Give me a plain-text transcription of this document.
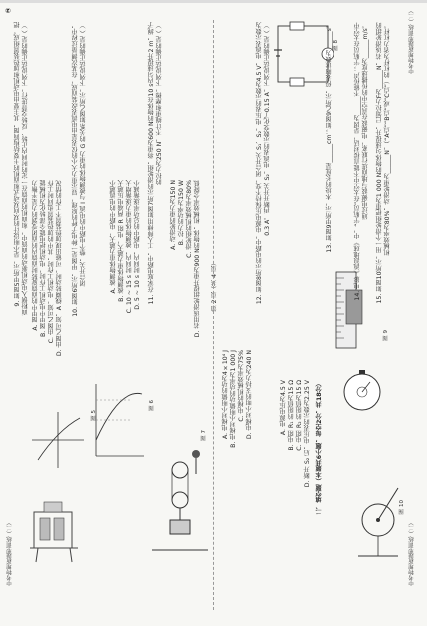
②
中考物理新题型训练（二）	中考物理新题型训练（二）
中考物理新题型训练（二）
第 2 页（共 4 页）
9. 如图5甲所示，是小明设计的双向双动式和面机的主要结构简图，其主要由电动机和加热装置组成。把 面粉倒入电动机驱动的面筒中，和面机的面筒在一定的时间内正转、反转交替进行，下列说法正确的是（ ）
图 5
A. 图甲中的面筒旋转时面筒内的面团受到的力是平衡力 B. 图甲中电动机工作时，电动机把电能全部转化为机械能 C. 由图乙可知，电动机工作时，其中的加热装置也同时工作 D. 由图乙可知，A 线圈转动时，可能出现加热装置不工作的情况 10. 如图6所示，甲图是一种电子秤的原理，显示重力大小的仪表是由电流表改装而成，在某次测量过程中， 闭合开关，整个电路中的电流 I 与被测物体的重力 G 的关系如图乙所示，下列说法正确的是（ ）
图 6
A. 被测物体重力越大，电路中的电流越小 B. 被测物体重力越大，电阻 R 两端电压越大 C. 10 ~ 15 s 时间内，被测物体的重力逐渐增大 D. 5 ~ 10 s 时间内，电路中的总功率逐渐减小 11. 在家庭电路中，工人师傅用如图7所示的滑轮组，将重为600 N的物体在10 s内匀速提升2 m，绳子 的拉力为250 N，不计绳重和摩擦，下列说法正确的是（ ）
图 7
A. 动滑轮的重力为150 N B. 拉力的功率为150 W C. 滑轮组的机械效率为80% D. 若用该滑轮组提升重为900 N的物体，机械效率会降低
A. 电梯对小明做的功为4×10⁴ J B. 电梯对小明做功的功率为1 000 J C. 电梯的机械效率为75% D. 电梯对小明的支持力为240 N
12. 如图8所示的电路中，电源电压保持不变，闭合开关 S₁、S₂，电压表的示数为4.5 V，电流表示数为 0.3 A。再断开开关 S₂，电流表的示数变化了0.15 A，下列说法正确的是（ ）	图 8
A. 电源电压为4.5 V B. 电阻 R₁ 的阻值为15 Ω C. 电阻 R₂ 的阻值为15 Ω D. 断开 S₂ 后，电压表的示数为2.25 V 二、填空题（本题共6小题，每空2分，共18分）
13. 如图9甲所示，木块的长度是______cm；如图9乙所示，停表的读数为______s。
图 9
14. 电影《流浪地球》中，“宇航员”在太空中不能直接对话，是因为______不能传声；宇航员在太空中 通过电磁波与地面进行联系，电磁波在真空中的传播速度为______m/s。 15. 如图10所示，用一个滑轮组把重为1 000 N的物体匀速提升，已知拉力F为______N，若该滑轮组的 机械效率为80%，动滑轮重为______N，（“A点”“B点”或“C点”）的杠杆为省力杠杆。
图 10
